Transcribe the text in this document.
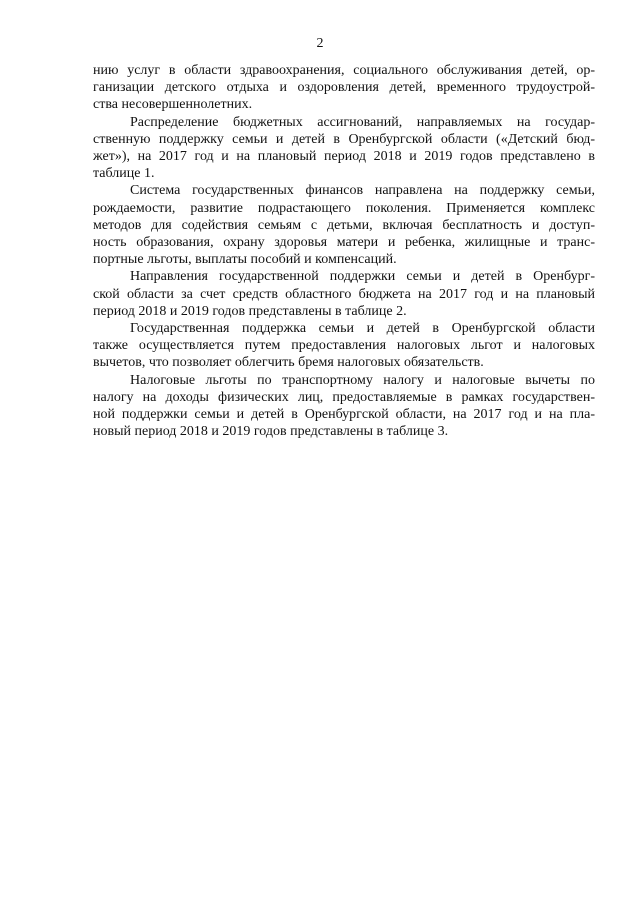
2

нию услуг в области здравоохранения, социального обслуживания детей, ор-
ганизации детского отдыха и оздоровления детей, временного трудоустрой-
ства несовершеннолетних.

Распределение бюджетных ассигнований, направляемых на государ-
ственную поддержку семьи и детей в Оренбургской области («Детский бюд-
жет»), на 2017 год и на плановый период 2018 и 2019 годов представлено в
таблице 1.

Система государственных финансов направлена на поддержку семьи,
рождаемости, развитие подрастающего поколения. Применяется комплекс
методов для содействия семьям с детьми, включая бесплатность и доступ-
ность образования, охрану здоровья матери и ребенка, жилищные и транс-
портные льготы, выплаты пособий и компенсаций.

Направления государственной поддержки семьи и детей в Оренбург-
ской области за счет средств областного бюджета на 2017 год и на плановый
период 2018 и 2019 годов представлены в таблице 2.

Государственная поддержка семьи и детей в Оренбургской области
также осуществляется путем предоставления налоговых льгот и налоговых
вычетов, что позволяет облегчить бремя налоговых обязательств.

Налоговые льготы по транспортному налогу и налоговые вычеты по
налогу на доходы физических лиц, предоставляемые в рамках государствен-
ной поддержки семьи и детей в Оренбургской области, на 2017 год и на пла-
новый период 2018 и 2019 годов представлены в таблице 3.
